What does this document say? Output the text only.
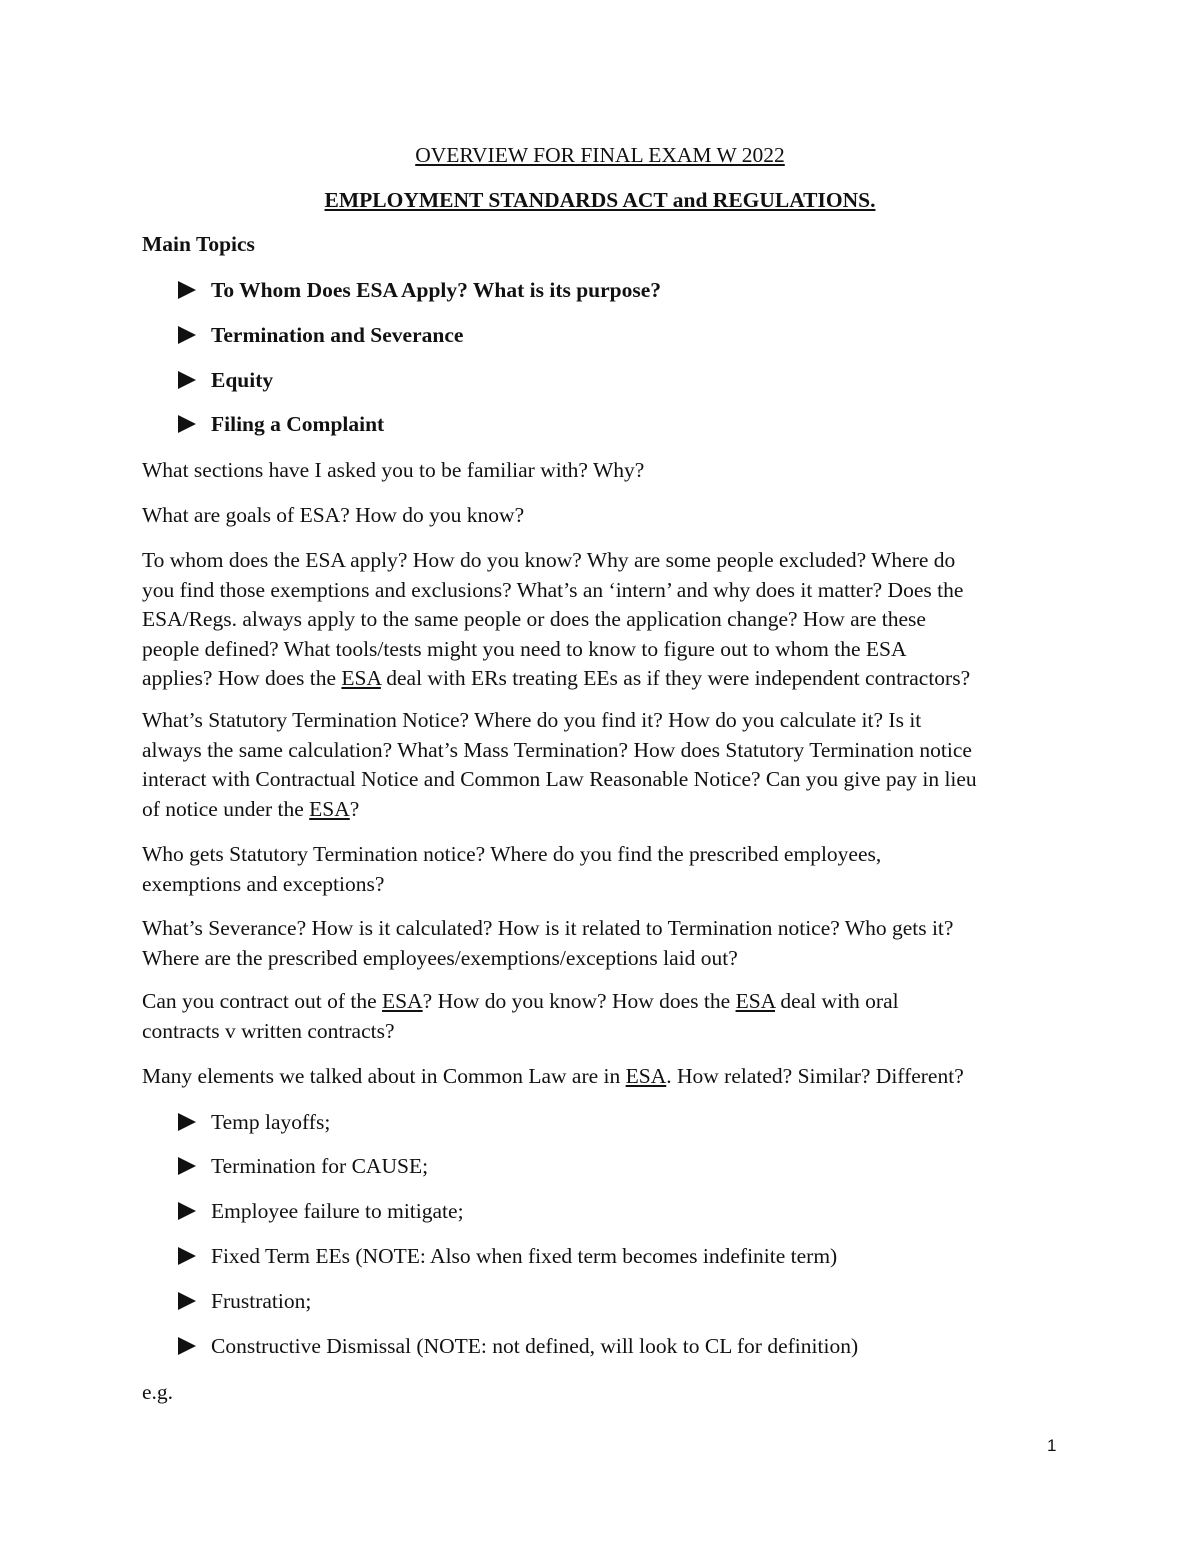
OVERVIEW FOR FINAL EXAM W 2022
EMPLOYMENT STANDARDS ACT and REGULATIONS.
Main Topics
To Whom Does ESA Apply? What is its purpose?
Termination and Severance
Equity
Filing a Complaint
What sections have I asked you to be familiar with? Why?
What are goals of ESA? How do you know?
To whom does the ESA apply? How do you know? Why are some people excluded? Where do
you find those exemptions and exclusions? What’s an ‘intern’ and why does it matter? Does the
ESA/Regs. always apply to the same people or does the application change? How are these
people defined? What tools/tests might you need to know to figure out to whom the ESA
applies? How does the ESA deal with ERs treating EEs as if they were independent contractors?
What’s Statutory Termination Notice? Where do you find it? How do you calculate it? Is it
always the same calculation? What’s Mass Termination? How does Statutory Termination notice
interact with Contractual Notice and Common Law Reasonable Notice? Can you give pay in lieu
of notice under the ESA?
Who gets Statutory Termination notice? Where do you find the prescribed employees,
exemptions and exceptions?
What’s Severance? How is it calculated? How is it related to Termination notice? Who gets it?
Where are the prescribed employees/exemptions/exceptions laid out?
Can you contract out of the ESA? How do you know? How does the ESA deal with oral
contracts v written contracts?
Many elements we talked about in Common Law are in ESA. How related? Similar? Different?
Temp layoffs;
Termination for CAUSE;
Employee failure to mitigate;
Fixed Term EEs (NOTE: Also when fixed term becomes indefinite term)
Frustration;
Constructive Dismissal (NOTE: not defined, will look to CL for definition)
e.g.
1
